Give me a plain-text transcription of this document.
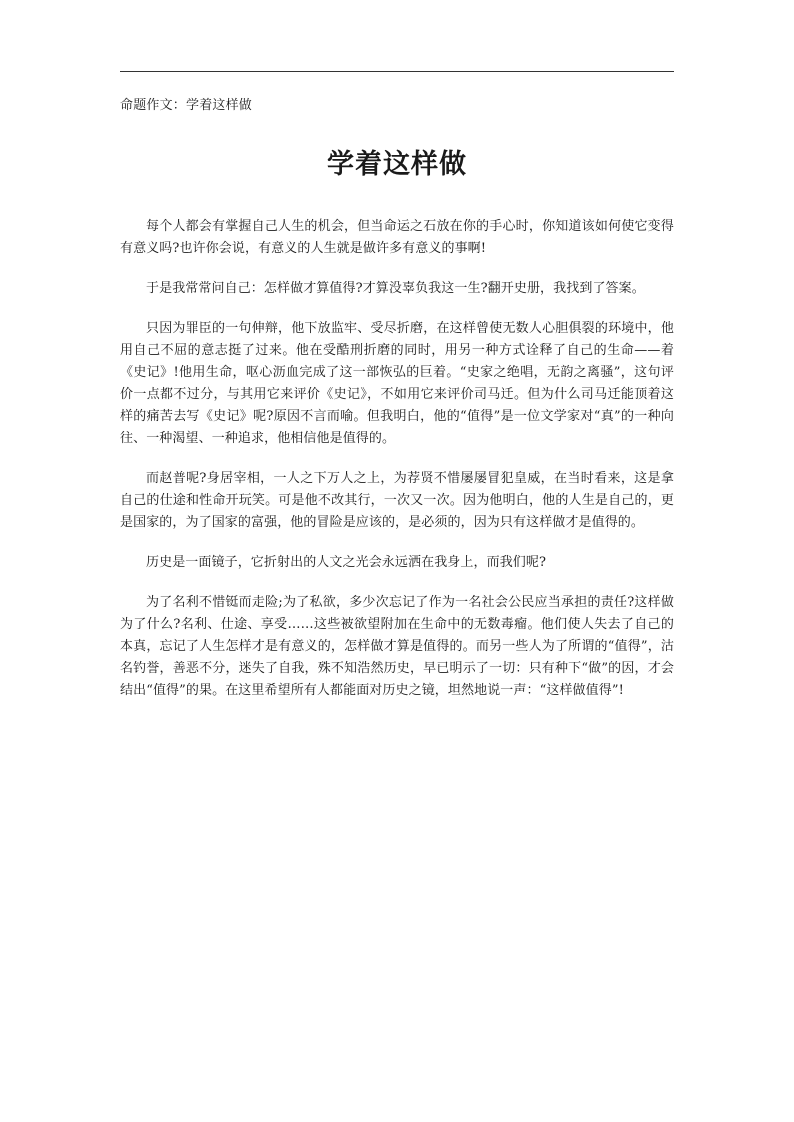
命题作文：学着这样做
学着这样做

每个人都会有掌握自己人生的机会，但当命运之石放在你的手心时，你知道该如何使它变得有意义吗?也许你会说，有意义的人生就是做许多有意义的事啊!

于是我常常问自己：怎样做才算值得?才算没辜负我这一生?翻开史册，我找到了答案。

只因为罪臣的一句伸辩，他下放监牢、受尽折磨，在这样曾使无数人心胆俱裂的环境中，他用自己不屈的意志挺了过来。他在受酷刑折磨的同时，用另一种方式诠释了自己的生命——着《史记》!他用生命，呕心沥血完成了这一部恢弘的巨着。“史家之绝唱，无韵之离骚”，这句评价一点都不过分，与其用它来评价《史记》，不如用它来评价司马迁。但为什么司马迁能顶着这样的痛苦去写《史记》呢?原因不言而喻。但我明白，他的“值得”是一位文学家对“真”的一种向往、一种渴望、一种追求，他相信他是值得的。

而赵普呢?身居宰相，一人之下万人之上，为荐贤不惜屡屡冒犯皇威，在当时看来，这是拿自己的仕途和性命开玩笑。可是他不改其行，一次又一次。因为他明白，他的人生是自己的，更是国家的，为了国家的富强，他的冒险是应该的，是必须的，因为只有这样做才是值得的。

历史是一面镜子，它折射出的人文之光会永远洒在我身上，而我们呢?

为了名利不惜铤而走险;为了私欲，多少次忘记了作为一名社会公民应当承担的责任?这样做为了什么?名利、仕途、享受……这些被欲望附加在生命中的无数毒瘤。他们使人失去了自己的本真，忘记了人生怎样才是有意义的，怎样做才算是值得的。而另一些人为了所谓的“值得”，沽名钓誉，善恶不分，迷失了自我，殊不知浩然历史，早已明示了一切：只有种下“做”的因，才会结出“值得”的果。在这里希望所有人都能面对历史之镜，坦然地说一声：“这样做值得”!
